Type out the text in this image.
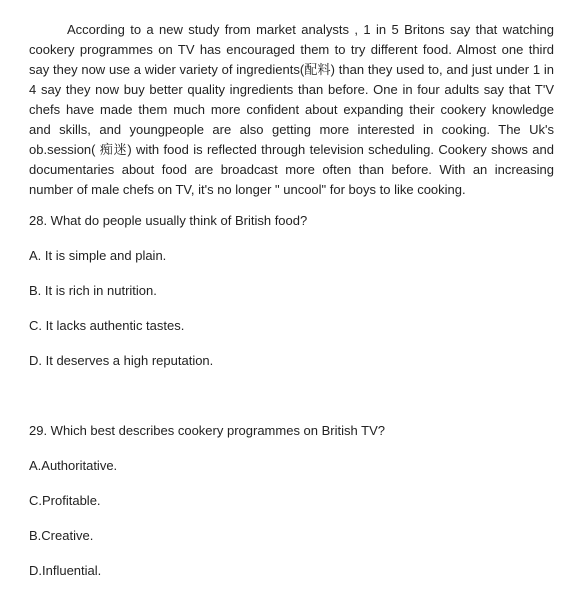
According to a new study from market analysts , 1 in 5 Britons say that watching cookery programmes on TV has encouraged them to try different food. Almost one third say they now use a wider variety of ingredients(配料) than they used to, and just under 1 in 4 say they now buy better quality ingredients than before. One in four adults say that T'V chefs have made them much more confident about expanding their cookery knowledge and skills, and youngpeople are also getting more interested in cooking. The Uk's ob.session( 痴迷) with food is reflected through television scheduling. Cookery shows and documentaries about food are broadcast more often than before. With an increasing number of male chefs on TV, it's no longer " uncool" for boys to like cooking.

28. What do people usually think of British food?

A. It is simple and plain.

B. It is rich in nutrition.

C. It lacks authentic tastes.

D. It deserves a high reputation.

29. Which best describes cookery programmes on British TV?

A.Authoritative.

C.Profitable.

B.Creative.

D.Influential.
